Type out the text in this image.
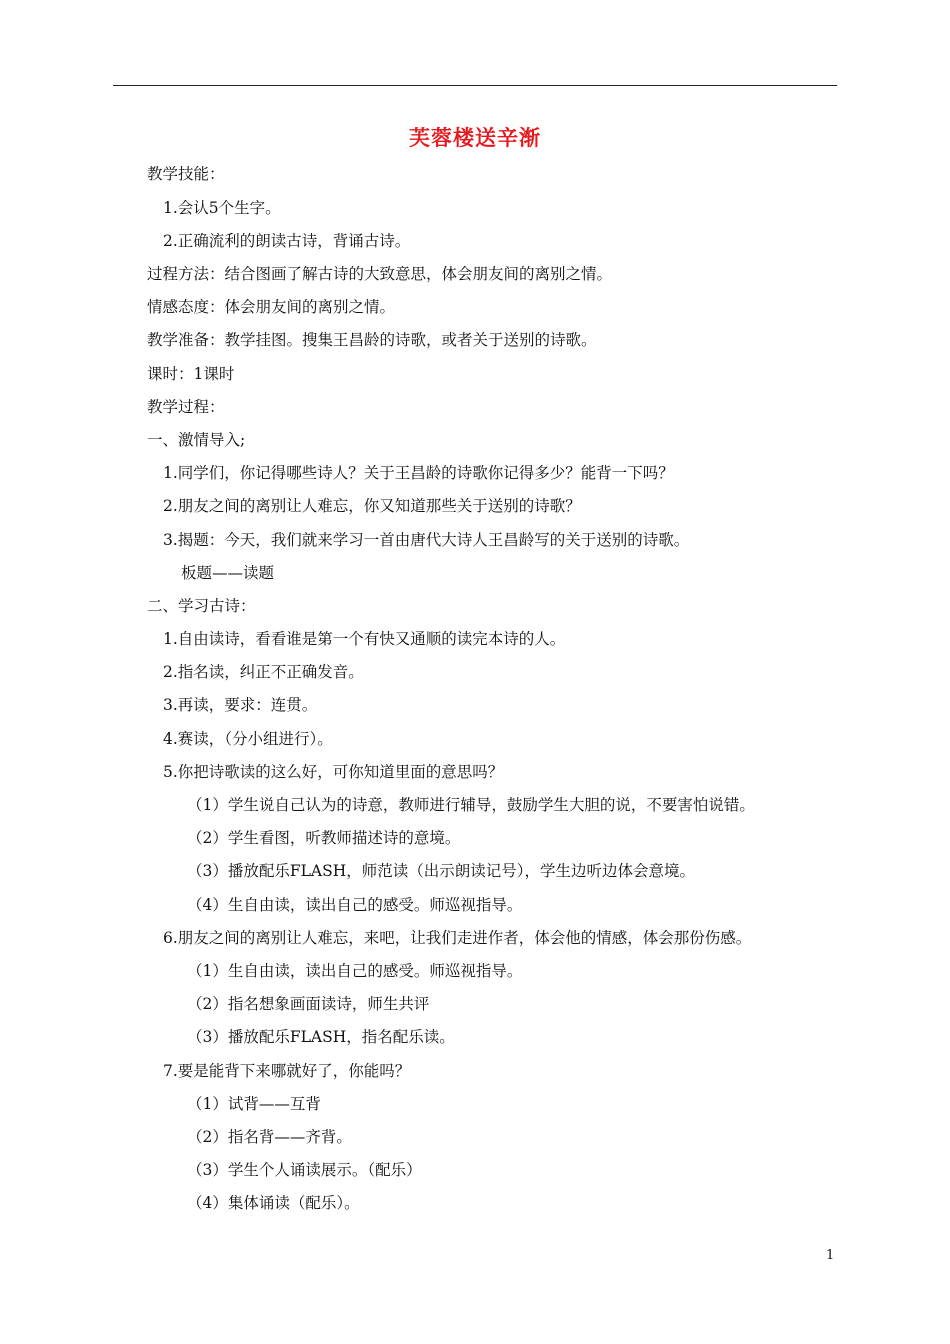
芙蓉楼送辛渐
教学技能：
1.会认5个生字。
2.正确流利的朗读古诗，背诵古诗。
过程方法：结合图画了解古诗的大致意思，体会朋友间的离别之情。
情感态度：体会朋友间的离别之情。
教学准备：教学挂图。搜集王昌龄的诗歌，或者关于送别的诗歌。
课时：1课时
教学过程：
一、激情导入;
1.同学们，你记得哪些诗人？关于王昌龄的诗歌你记得多少？能背一下吗？
2.朋友之间的离别让人难忘，你又知道那些关于送别的诗歌？
3.揭题：今天，我们就来学习一首由唐代大诗人王昌龄写的关于送别的诗歌。
板题——读题
二、学习古诗：
1.自由读诗，看看谁是第一个有快又通顺的读完本诗的人。
2.指名读，纠正不正确发音。
3.再读，要求：连贯。
4.赛读，（分小组进行）。
5.你把诗歌读的这么好，可你知道里面的意思吗？
（1）学生说自己认为的诗意，教师进行辅导，鼓励学生大胆的说，不要害怕说错。
（2）学生看图，听教师描述诗的意境。
（3）播放配乐FLASH，师范读（出示朗读记号），学生边听边体会意境。
（4）生自由读，读出自己的感受。师巡视指导。
6.朋友之间的离别让人难忘，来吧，让我们走进作者，体会他的情感，体会那份伤感。
（1）生自由读，读出自己的感受。师巡视指导。
（2）指名想象画面读诗，师生共评
（3）播放配乐FLASH，指名配乐读。
7.要是能背下来哪就好了，你能吗？
（1）试背——互背
（2）指名背——齐背。
（3）学生个人诵读展示。（配乐）
（4）集体诵读（配乐）。
1
